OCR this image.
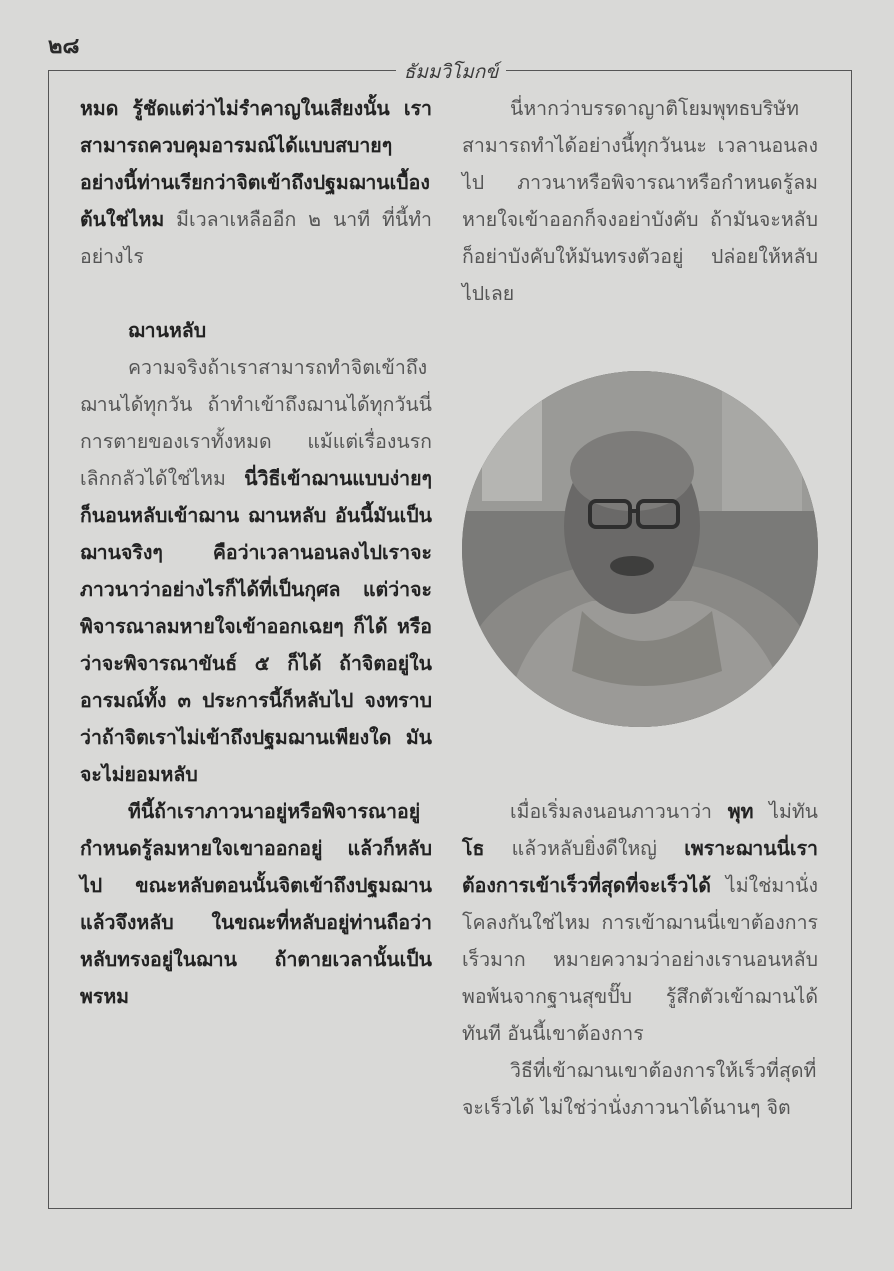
๒๘
ธัมมวิโมกข์

หมด รู้ชัดแต่ว่าไม่รำคาญในเสียงนั้น เราสามารถควบคุมอารมณ์ได้แบบสบายๆ อย่างนี้ท่านเรียกว่าจิตเข้าถึงปฐมฌานเบื้องต้นใช่ไหม มีเวลาเหลืออีก ๒ นาที ที่นี้ทำอย่างไร

ฌานหลับ

ความจริงถ้าเราสามารถทำจิตเข้าถึงฌานได้ทุกวัน ถ้าทำเข้าถึงฌานได้ทุกวันนี่การตายของเราทั้งหมด แม้แต่เรื่องนรกเลิกกลัวได้ใช่ไหม นี่วิธีเข้าฌานแบบง่ายๆ ก็นอนหลับเข้าฌาน ฌานหลับ อันนี้มันเป็นฌานจริงๆ คือว่าเวลานอนลงไปเราจะภาวนาว่าอย่างไรก็ได้ที่เป็นกุศล แต่ว่าจะพิจารณาลมหายใจเข้าออกเฉยๆ ก็ได้ หรือว่าจะพิจารณาขันธ์ ๕ ก็ได้ ถ้าจิตอยู่ในอารมณ์ทั้ง ๓ ประการนี้ก็หลับไป จงทราบว่าถ้าจิตเราไม่เข้าถึงปฐมฌานเพียงใด มันจะไม่ยอมหลับ

ทีนี้ถ้าเราภาวนาอยู่หรือพิจารณาอยู่กำหนดรู้ลมหายใจเขาออกอยู่ แล้วก็หลับไป ขณะหลับตอนนั้นจิตเข้าถึงปฐมฌาน แล้วจึงหลับ ในขณะที่หลับอยู่ท่านถือว่าหลับทรงอยู่ในฌาน ถ้าตายเวลานั้นเป็นพรหม

นี่หากว่าบรรดาญาติโยมพุทธบริษัทสามารถทำได้อย่างนี้ทุกวันนะ เวลานอนลงไป ภาวนาหรือพิจารณาหรือกำหนดรู้ลมหายใจเข้าออกก็จงอย่าบังคับ ถ้ามันจะหลับก็อย่าบังคับให้มันทรงตัวอยู่ ปล่อยให้หลับไปเลย

เมื่อเริ่มลงนอนภาวนาว่า พุท ไม่ทัน โธ แล้วหลับยิ่งดีใหญ่ เพราะฌานนี่เราต้องการเข้าเร็วที่สุดที่จะเร็วได้ ไม่ใช่มานั่งโคลงกันใช่ไหม การเข้าฌานนี่เขาต้องการเร็วมาก หมายความว่าอย่างเรานอนหลับพอพ้นจากฐานสุขปั๊บ รู้สึกตัวเข้าฌานได้ทันที อันนี้เขาต้องการ

วิธีที่เข้าฌานเขาต้องการให้เร็วที่สุดที่จะเร็วได้ ไม่ใช่ว่านั่งภาวนาได้นานๆ จิต
